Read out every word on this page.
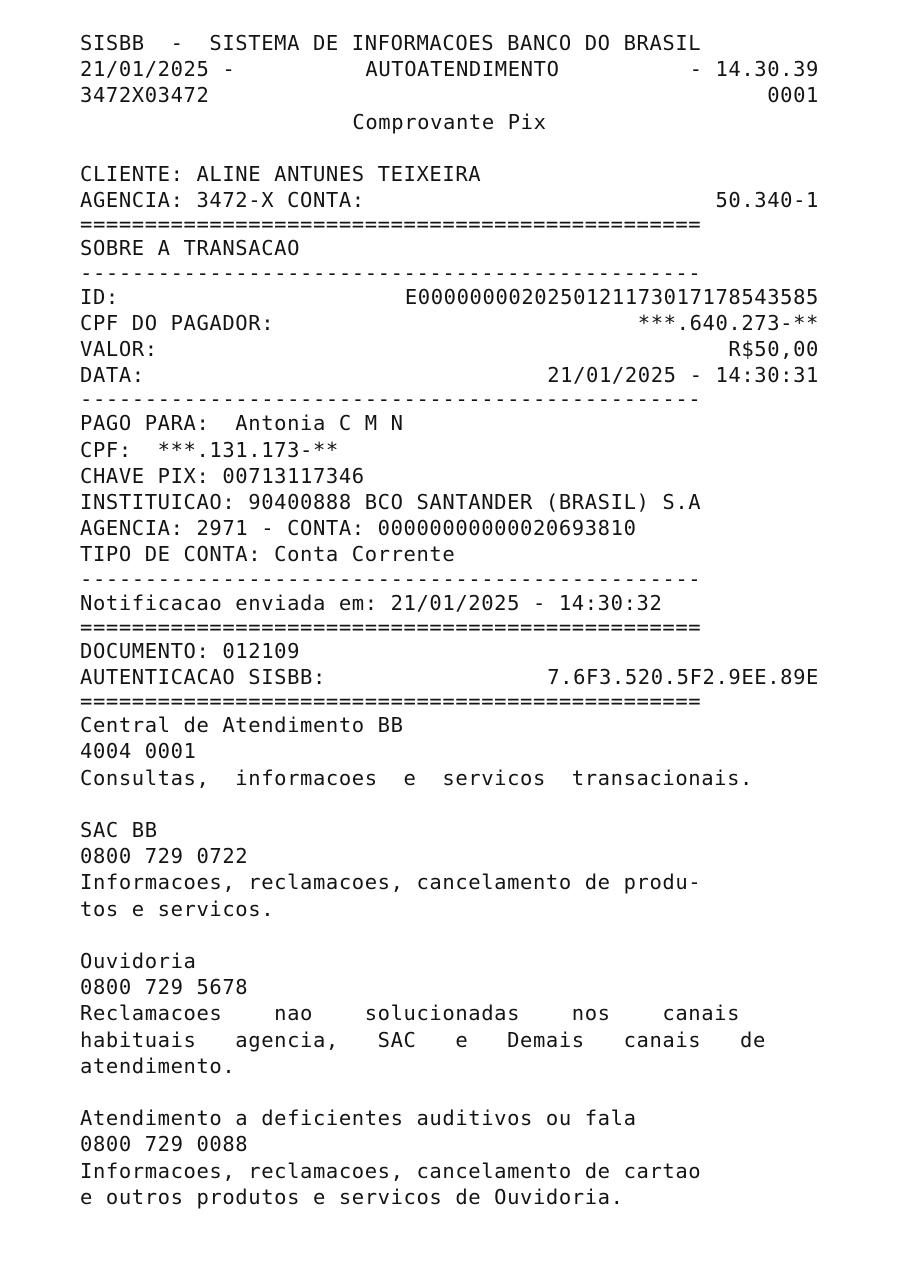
SISBB  -  SISTEMA DE INFORMACOES BANCO DO BRASIL
21/01/2025 -	AUTOATENDIMENTO	- 14.30.39
3472X03472	0001
Comprovante Pix
CLIENTE: ALINE ANTUNES TEIXEIRA
AGENCIA: 3472-X CONTA:	50.340-1
================================================
SOBRE A TRANSACAO
------------------------------------------------
ID:	E0000000020250121173017178543585
CPF DO PAGADOR:	***.640.273-**
VALOR:	R$50,00
DATA:	21/01/2025 - 14:30:31
------------------------------------------------
PAGO PARA:  Antonia C M N
CPF:  ***.131.173-**
CHAVE PIX: 00713117346
INSTITUICAO: 90400888 BCO SANTANDER (BRASIL) S.A
AGENCIA: 2971 - CONTA: 00000000000020693810
TIPO DE CONTA: Conta Corrente
------------------------------------------------
Notificacao enviada em: 21/01/2025 - 14:30:32
================================================
DOCUMENTO: 012109
AUTENTICACAO SISBB:	7.6F3.520.5F2.9EE.89E
================================================
Central de Atendimento BB
4004 0001
Consultas,  informacoes  e  servicos  transacionais.
SAC BB
0800 729 0722
Informacoes, reclamacoes, cancelamento de produ-
tos e servicos.
Ouvidoria
0800 729 5678
Reclamacoes    nao    solucionadas    nos    canais
habituais   agencia,   SAC   e   Demais   canais   de
atendimento.
Atendimento a deficientes auditivos ou fala
0800 729 0088
Informacoes, reclamacoes, cancelamento de cartao
e outros produtos e servicos de Ouvidoria.
